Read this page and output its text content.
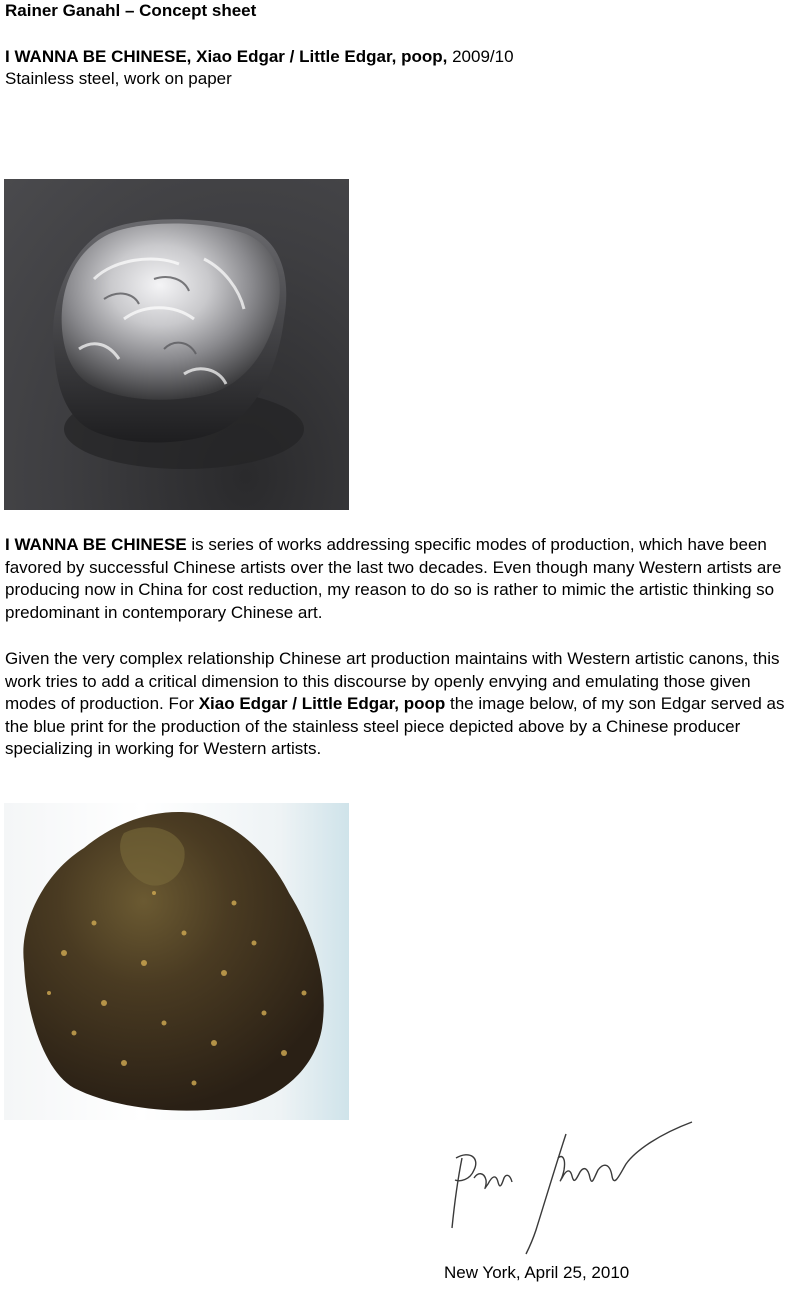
Rainer Ganahl – Concept sheet
I WANNA BE CHINESE, Xiao Edgar / Little Edgar, poop, 2009/10
Stainless steel, work on paper
I WANNA BE CHINESE is series of works addressing specific modes of production, which have been favored by successful Chinese artists over the last two decades. Even though many Western artists are producing now in China for cost reduction, my reason to do so is rather to mimic the artistic thinking so predominant in contemporary Chinese art.
Given the very complex relationship Chinese art production maintains with Western artistic canons, this work tries to add a critical dimension to this discourse by openly envying and emulating those given modes of production. For Xiao Edgar / Little Edgar, poop the image below, of my son Edgar served as the blue print for the production of the stainless steel piece depicted above by a Chinese producer specializing in working for Western artists.
New York, April 25, 2010
